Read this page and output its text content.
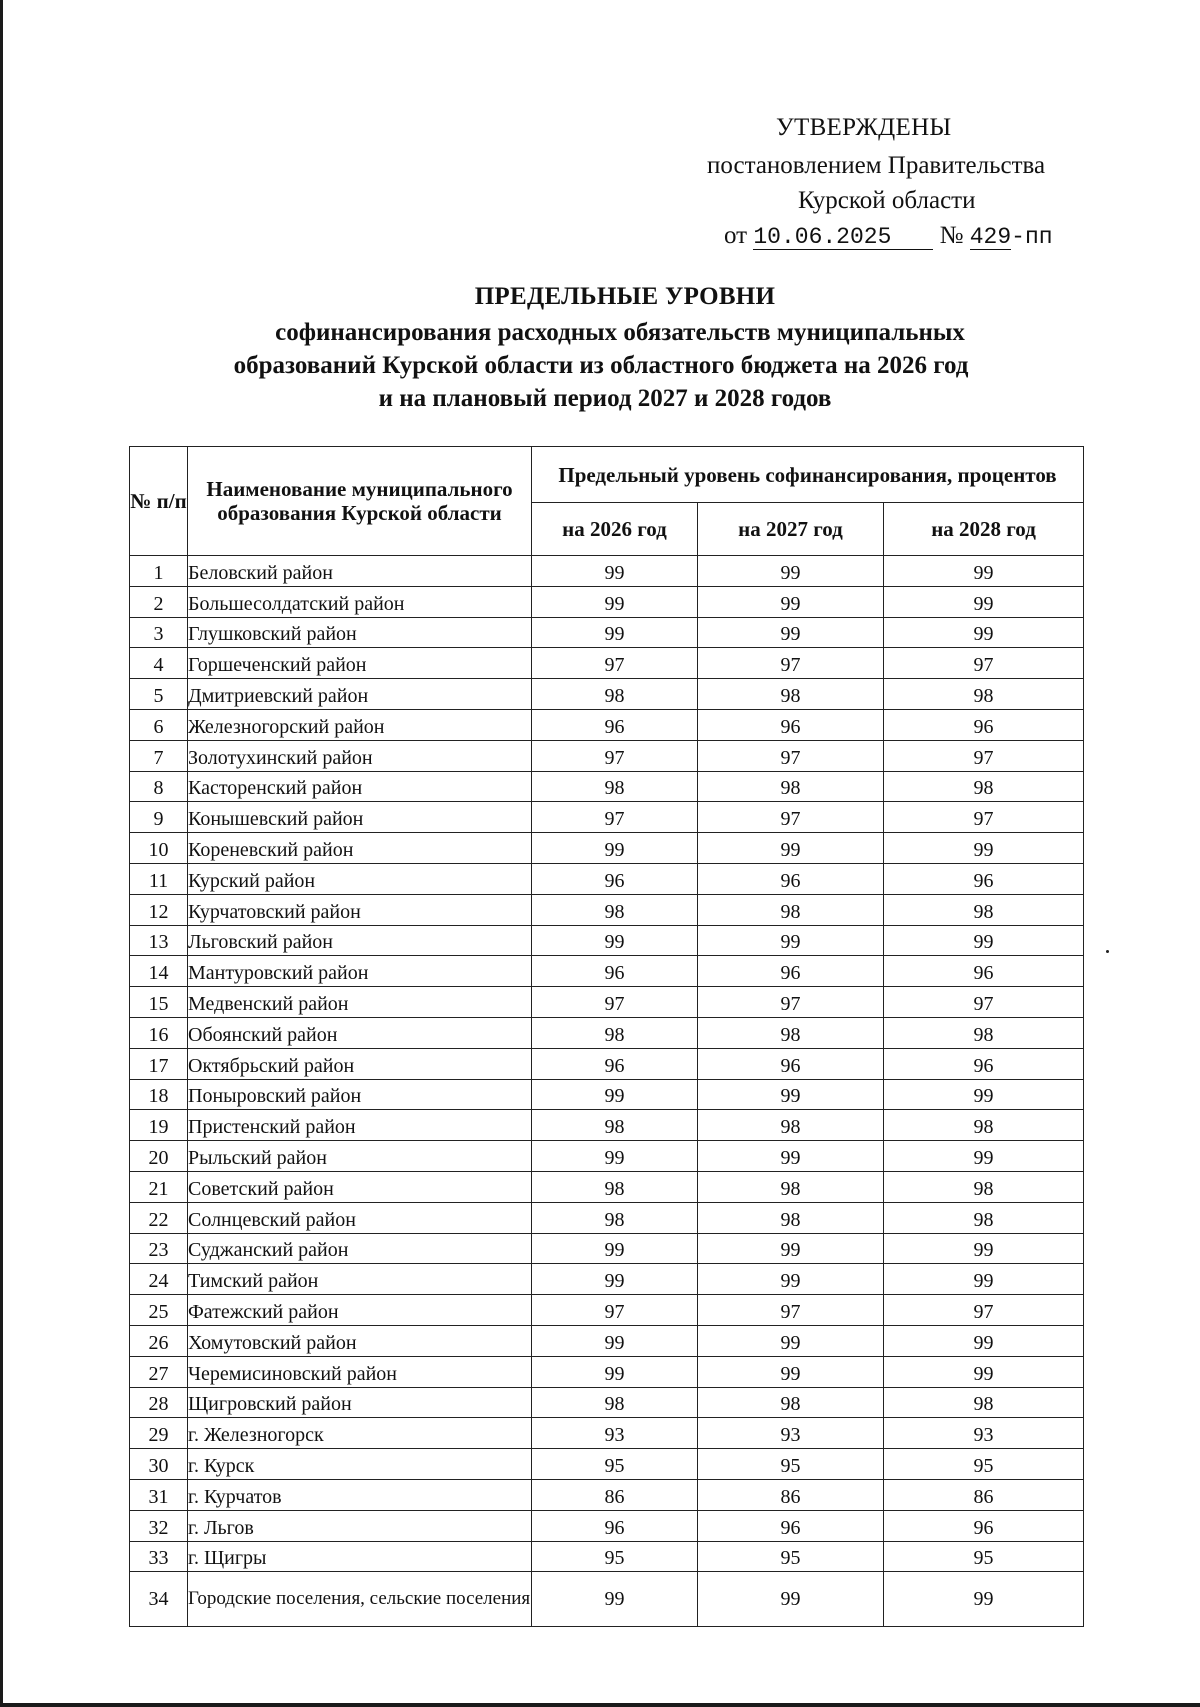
УТВЕРЖДЕНЫ
постановлением Правительства
Курской области
от 10.06.2025 № 429-пп
ПРЕДЕЛЬНЫЕ УРОВНИ
софинансирования расходных обязательств муниципальных
образований Курской области из областного бюджета на 2026 год
и на плановый период 2027 и 2028 годов
№ п/п	Наименование муниципального образования Курской области	Предельный уровень софинансирования, процентов		
		на 2026 год	на 2027 год	на 2028 год
1	Беловский район	99	99	99
2	Большесолдатский район	99	99	99
3	Глушковский район	99	99	99
4	Горшеченский район	97	97	97
5	Дмитриевский район	98	98	98
6	Железногорский район	96	96	96
7	Золотухинский район	97	97	97
8	Касторенский район	98	98	98
9	Конышевский район	97	97	97
10	Кореневский район	99	99	99
11	Курский район	96	96	96
12	Курчатовский район	98	98	98
13	Льговский район	99	99	99
14	Мантуровский район	96	96	96
15	Медвенский район	97	97	97
16	Обоянский район	98	98	98
17	Октябрьский район	96	96	96
18	Поныровский район	99	99	99
19	Пристенский район	98	98	98
20	Рыльский район	99	99	99
21	Советский район	98	98	98
22	Солнцевский район	98	98	98
23	Суджанский район	99	99	99
24	Тимский район	99	99	99
25	Фатежский район	97	97	97
26	Хомутовский район	99	99	99
27	Черемисиновский район	99	99	99
28	Щигровский район	98	98	98
29	г. Железногорск	93	93	93
30	г. Курск	95	95	95
31	г. Курчатов	86	86	86
32	г. Льгов	96	96	96
33	г. Щигры	95	95	95
34	Городские поселения, сельские поселения	99	99	99
